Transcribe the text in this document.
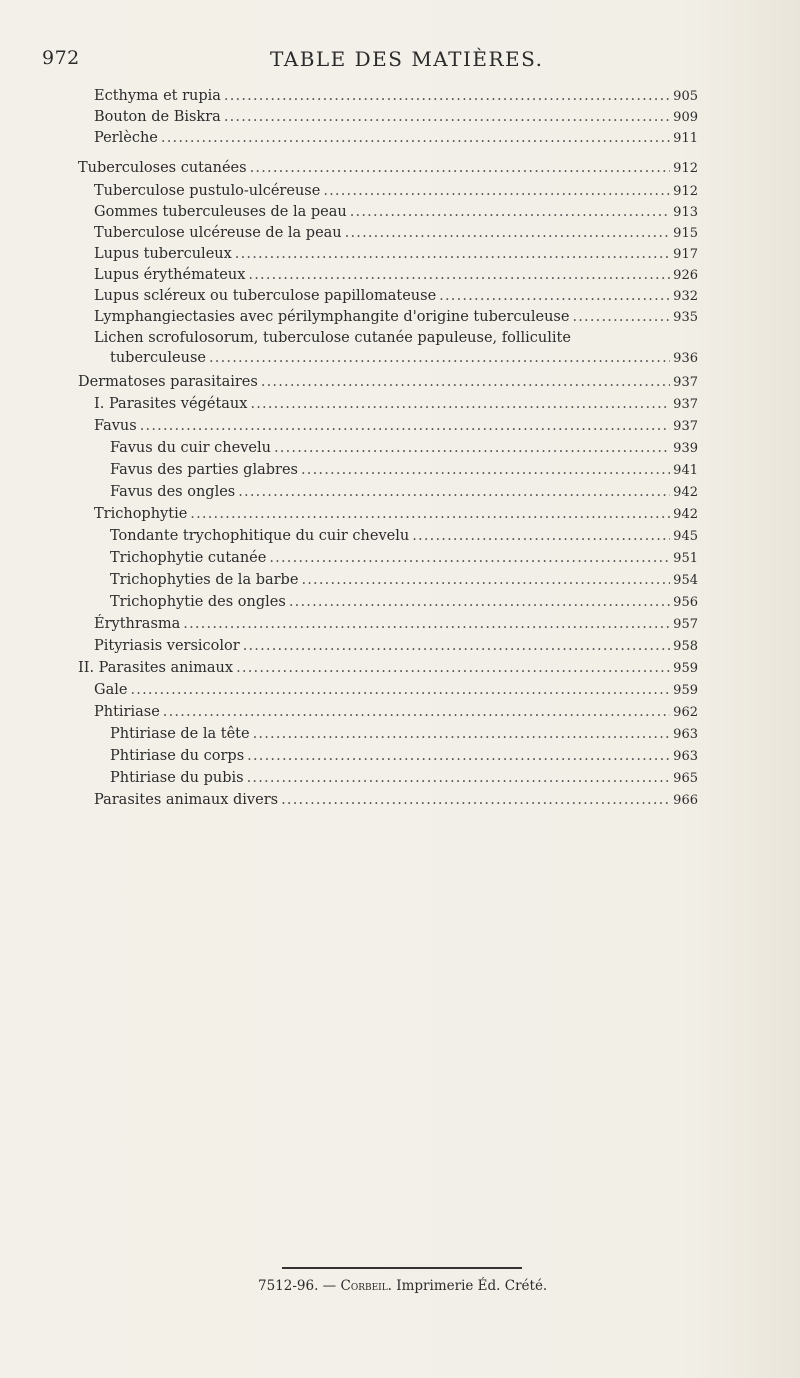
972	TABLE DES MATIÈRES.
Ecthyma et rupia .....	905
Bouton de Biskra .....	909
Perlèche .....	911
Tuberculoses cutanées .....	912
Tuberculose pustulo-ulcéreuse .....	912
Gommes tuberculeuses de la peau .....	913
Tuberculose ulcéreuse de la peau .....	915
Lupus tuberculeux .....	917
Lupus érythémateux .....	926
Lupus scléreux ou tuberculose papillomateuse .....	932
Lymphangiectasies avec périlymphangite d'origine tuberculeuse .....	935
Lichen scrofulosorum, tuberculose cutanée papuleuse, folliculite
tuberculeuse .....	936
Dermatoses parasitaires .....	937
I. Parasites végétaux .....	937
Favus .....	937
Favus du cuir chevelu .....	939
Favus des parties glabres .....	941
Favus des ongles .....	942
Trichophytie .....	942
Tondante trychophitique du cuir chevelu .....	945
Trichophytie cutanée .....	951
Trichophyties de la barbe .....	954
Trichophytie des ongles .....	956
Érythrasma .....	957
Pityriasis versicolor .....	958
II. Parasites animaux .....	959
Gale .....	959
Phtiriase .....	962
Phtiriase de la tête .....	963
Phtiriase du corps .....	963
Phtiriase du pubis .....	965
Parasites animaux divers .....	966
7512-96. — Corbeil. Imprimerie Éd. Crété.
